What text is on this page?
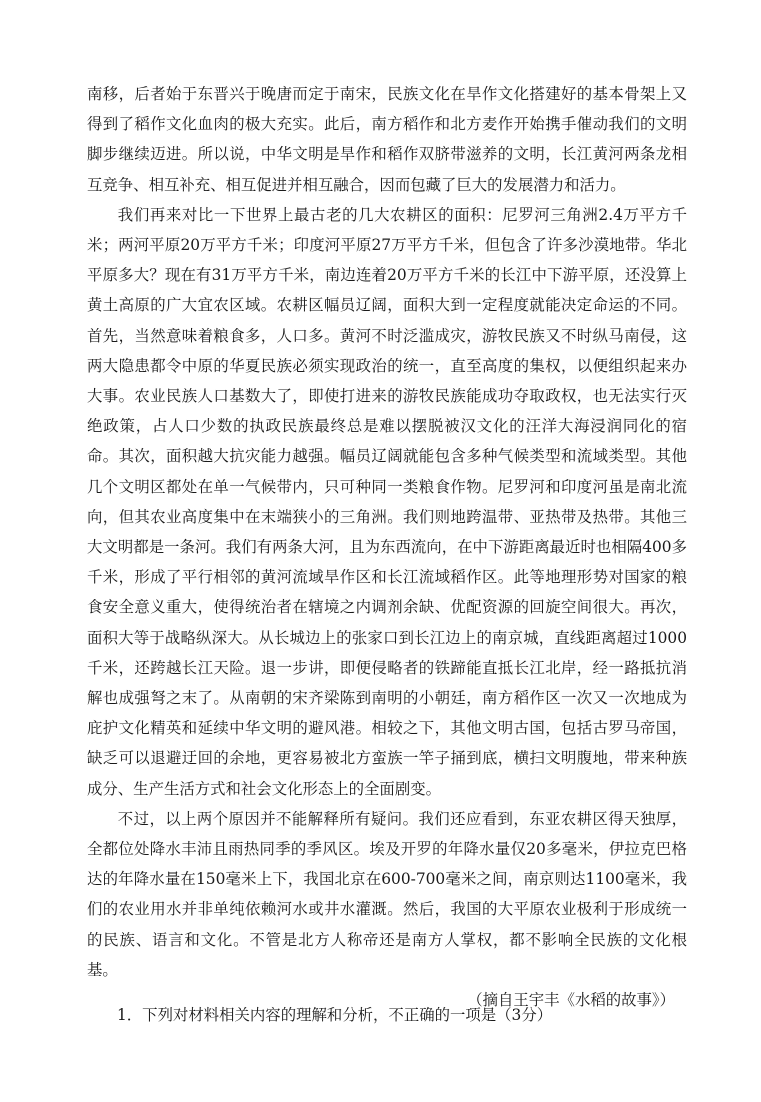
南移，后者始于东晋兴于晚唐而定于南宋，民族文化在旱作文化搭建好的基本骨架上又得到了稻作文化血肉的极大充实。此后，南方稻作和北方麦作开始携手催动我们的文明脚步继续迈进。所以说，中华文明是旱作和稻作双脐带滋养的文明，长江黄河两条龙相互竞争、相互补充、相互促进并相互融合，因而包藏了巨大的发展潜力和活力。

我们再来对比一下世界上最古老的几大农耕区的面积：尼罗河三角洲2.4万平方千米；两河平原20万平方千米；印度河平原27万平方千米，但包含了许多沙漠地带。华北平原多大？现在有31万平方千米，南边连着20万平方千米的长江中下游平原，还没算上黄土高原的广大宜农区域。农耕区幅员辽阔，面积大到一定程度就能决定命运的不同。首先，当然意味着粮食多，人口多。黄河不时泛滥成灾，游牧民族又不时纵马南侵，这两大隐患都令中原的华夏民族必须实现政治的统一，直至高度的集权，以便组织起来办大事。农业民族人口基数大了，即使打进来的游牧民族能成功夺取政权，也无法实行灭绝政策，占人口少数的执政民族最终总是难以摆脱被汉文化的汪洋大海浸润同化的宿命。其次，面积越大抗灾能力越强。幅员辽阔就能包含多种气候类型和流域类型。其他几个文明区都处在单一气候带内，只可种同一类粮食作物。尼罗河和印度河虽是南北流向，但其农业高度集中在末端狭小的三角洲。我们则地跨温带、亚热带及热带。其他三大文明都是一条河。我们有两条大河，且为东西流向，在中下游距离最近时也相隔400多千米，形成了平行相邻的黄河流域旱作区和长江流域稻作区。此等地理形势对国家的粮食安全意义重大，使得统治者在辖境之内调剂余缺、优配资源的回旋空间很大。再次，面积大等于战略纵深大。从长城边上的张家口到长江边上的南京城，直线距离超过1000千米，还跨越长江天险。退一步讲，即便侵略者的铁蹄能直抵长江北岸，经一路抵抗消解也成强弩之末了。从南朝的宋齐梁陈到南明的小朝廷，南方稻作区一次又一次地成为庇护文化精英和延续中华文明的避风港。相较之下，其他文明古国，包括古罗马帝国，缺乏可以退避迂回的余地，更容易被北方蛮族一竿子捅到底，横扫文明腹地，带来种族成分、生产生活方式和社会文化形态上的全面剧变。

不过，以上两个原因并不能解释所有疑问。我们还应看到，东亚农耕区得天独厚，全都位处降水丰沛且雨热同季的季风区。埃及开罗的年降水量仅20多毫米，伊拉克巴格达的年降水量在150毫米上下，我国北京在600-700毫米之间，南京则达1100毫米，我们的农业用水并非单纯依赖河水或井水灌溉。然后，我国的大平原农业极利于形成统一的民族、语言和文化。不管是北方人称帝还是南方人掌权，都不影响全民族的文化根基。

（摘自王宇丰《水稻的故事》）

1．下列对材料相关内容的理解和分析，不正确的一项是（3分）
